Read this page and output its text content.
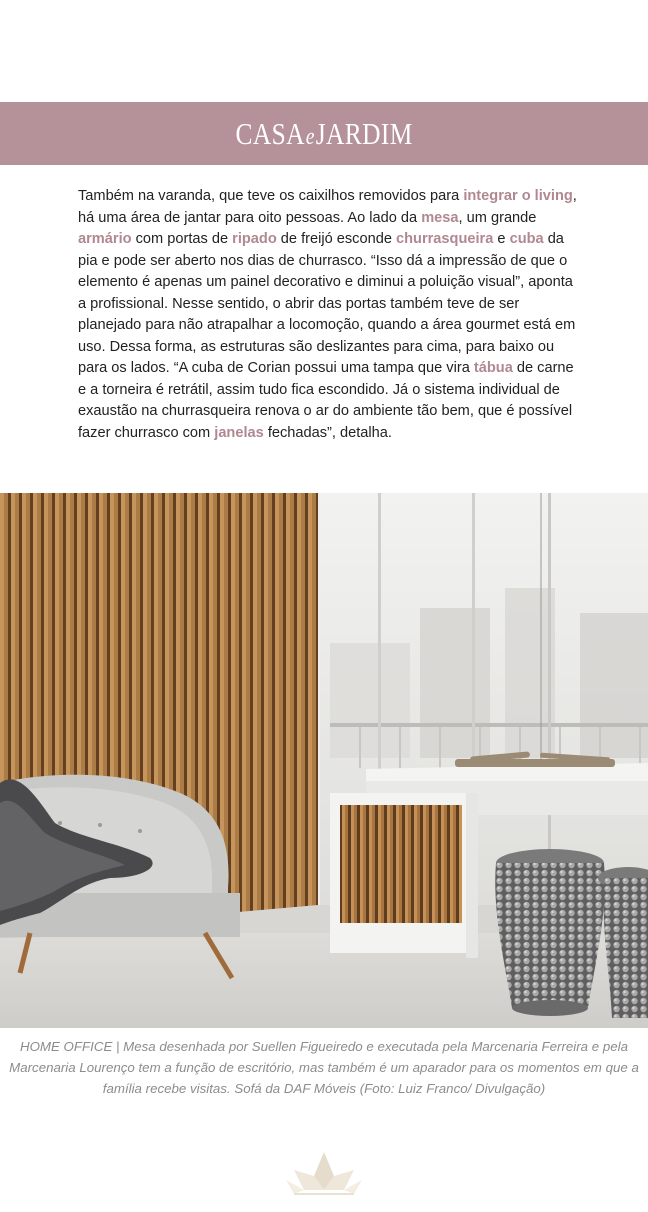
CASAeJARDIM

Também na varanda, que teve os caixilhos removidos para integrar o living, há uma área de jantar para oito pessoas. Ao lado da mesa, um grande armário com portas de ripado de freijó esconde churrasqueira e cuba da pia e pode ser aberto nos dias de churrasco. “Isso dá a impressão de que o elemento é apenas um painel decorativo e diminui a poluição visual”, aponta a profissional. Nesse sentido, o abrir das portas também teve de ser planejado para não atrapalhar a locomoção, quando a área gourmet está em uso. Dessa forma, as estruturas são deslizantes para cima, para baixo ou para os lados. “A cuba de Corian possui uma tampa que vira tábua de carne e a torneira é retrátil, assim tudo fica escondido. Já o sistema individual de exaustão na churrasqueira renova o ar do ambiente tão bem, que é possível fazer churrasco com janelas fechadas”, detalha.

HOME OFFICE | Mesa desenhada por Suellen Figueiredo e executada pela Marcenaria Ferreira e pela Marcenaria Lourenço tem a função de escritório, mas também é um aparador para os momentos em que a família recebe visitas. Sofá da DAF Móveis (Foto: Luiz Franco/ Divulgação)
